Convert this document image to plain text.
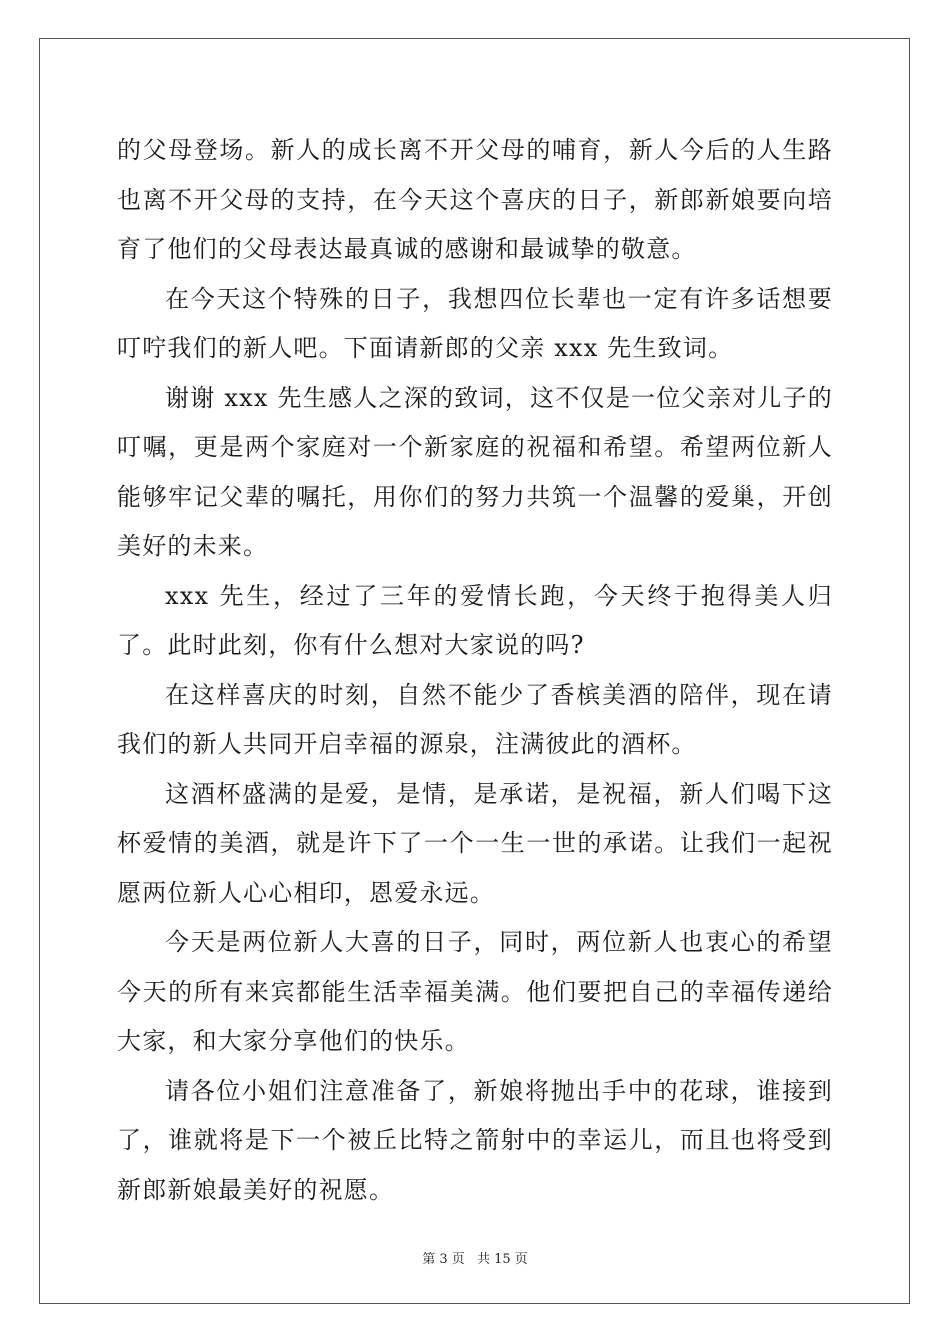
的父母登场。新人的成长离不开父母的哺育，新人今后的人生路也离不开父母的支持，在今天这个喜庆的日子，新郎新娘要向培育了他们的父母表达最真诚的感谢和最诚挚的敬意。

在今天这个特殊的日子，我想四位长辈也一定有许多话想要叮咛我们的新人吧。下面请新郎的父亲 xxx 先生致词。

谢谢 xxx 先生感人之深的致词，这不仅是一位父亲对儿子的叮嘱，更是两个家庭对一个新家庭的祝福和希望。希望两位新人能够牢记父辈的嘱托，用你们的努力共筑一个温馨的爱巢，开创美好的未来。

xxx 先生，经过了三年的爱情长跑，今天终于抱得美人归了。此时此刻，你有什么想对大家说的吗?

在这样喜庆的时刻，自然不能少了香槟美酒的陪伴，现在请我们的新人共同开启幸福的源泉，注满彼此的酒杯。

这酒杯盛满的是爱，是情，是承诺，是祝福，新人们喝下这杯爱情的美酒，就是许下了一个一生一世的承诺。让我们一起祝愿两位新人心心相印，恩爱永远。

今天是两位新人大喜的日子，同时，两位新人也衷心的希望今天的所有来宾都能生活幸福美满。他们要把自己的幸福传递给大家，和大家分享他们的快乐。

请各位小姐们注意准备了，新娘将抛出手中的花球，谁接到了，谁就将是下一个被丘比特之箭射中的幸运儿，而且也将受到新郎新娘最美好的祝愿。

第 3 页 共 15 页
